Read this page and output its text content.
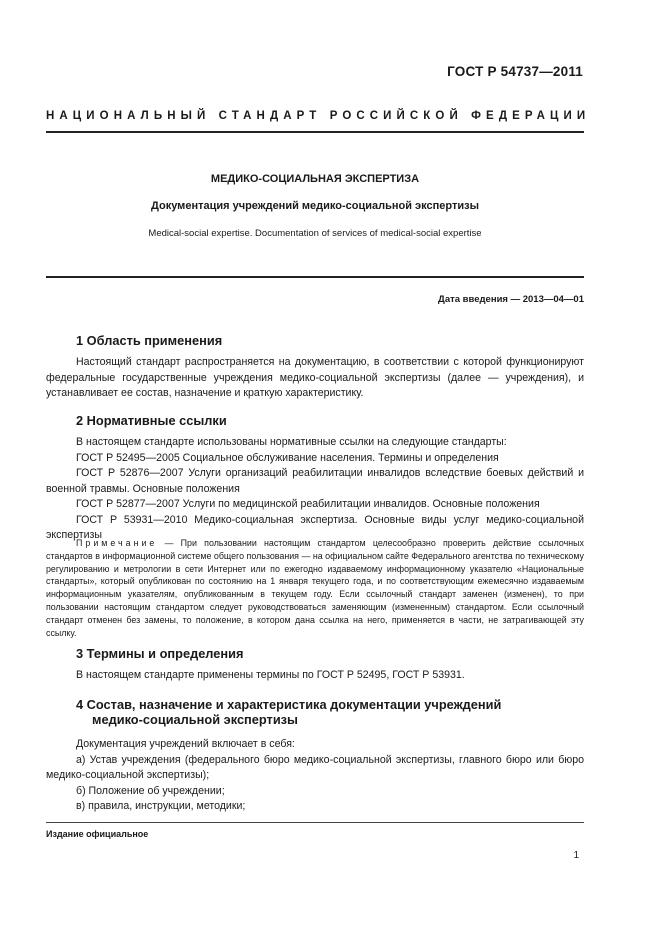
ГОСТ Р 54737—2011
НАЦИОНАЛЬНЫЙ СТАНДАРТ РОССИЙСКОЙ ФЕДЕРАЦИИ
МЕДИКО-СОЦИАЛЬНАЯ ЭКСПЕРТИЗА
Документация учреждений медико-социальной экспертизы
Medical-social expertise. Documentation of services of medical-social expertise
Дата введения — 2013—04—01
1 Область применения

Настоящий стандарт распространяется на документацию, в соответствии с которой функционируют федеральные государственные учреждения медико-социальной экспертизы (далее — учреждения), и устанавливает ее состав, назначение и краткую характеристику.

2 Нормативные ссылки

В настоящем стандарте использованы нормативные ссылки на следующие стандарты:

ГОСТ Р 52495—2005 Социальное обслуживание населения. Термины и определения

ГОСТ Р 52876—2007 Услуги организаций реабилитации инвалидов вследствие боевых действий и военной травмы. Основные положения

ГОСТ Р 52877—2007 Услуги по медицинской реабилитации инвалидов. Основные положения

ГОСТ Р 53931—2010 Медико-социальная экспертиза. Основные виды услуг медико-социальной экспертизы

Примечание — При пользовании настоящим стандартом целесообразно проверить действие ссылочных стандартов в информационной системе общего пользования — на официальном сайте Федерального агентства по техническому регулированию и метрологии в сети Интернет или по ежегодно издаваемому информационному указателю «Национальные стандарты», который опубликован по состоянию на 1 января текущего года, и по соответствующим ежемесячно издаваемым информационным указателям, опубликованным в текущем году. Если ссылочный стандарт заменен (изменен), то при пользовании настоящим стандартом следует руководствоваться заменяющим (измененным) стандартом. Если ссылочный стандарт отменен без замены, то положение, в котором дана ссылка на него, применяется в части, не затрагивающей эту ссылку.

3 Термины и определения

В настоящем стандарте применены термины по ГОСТ Р 52495, ГОСТ Р 53931.

4 Состав, назначение и характеристика документации учреждений
медико-социальной экспертизы

Документация учреждений включает в себя:

а) Устав учреждения (федерального бюро медико-социальной экспертизы, главного бюро или бюро медико-социальной экспертизы);

б) Положение об учреждении;

в) правила, инструкции, методики;

Издание официальное
1
